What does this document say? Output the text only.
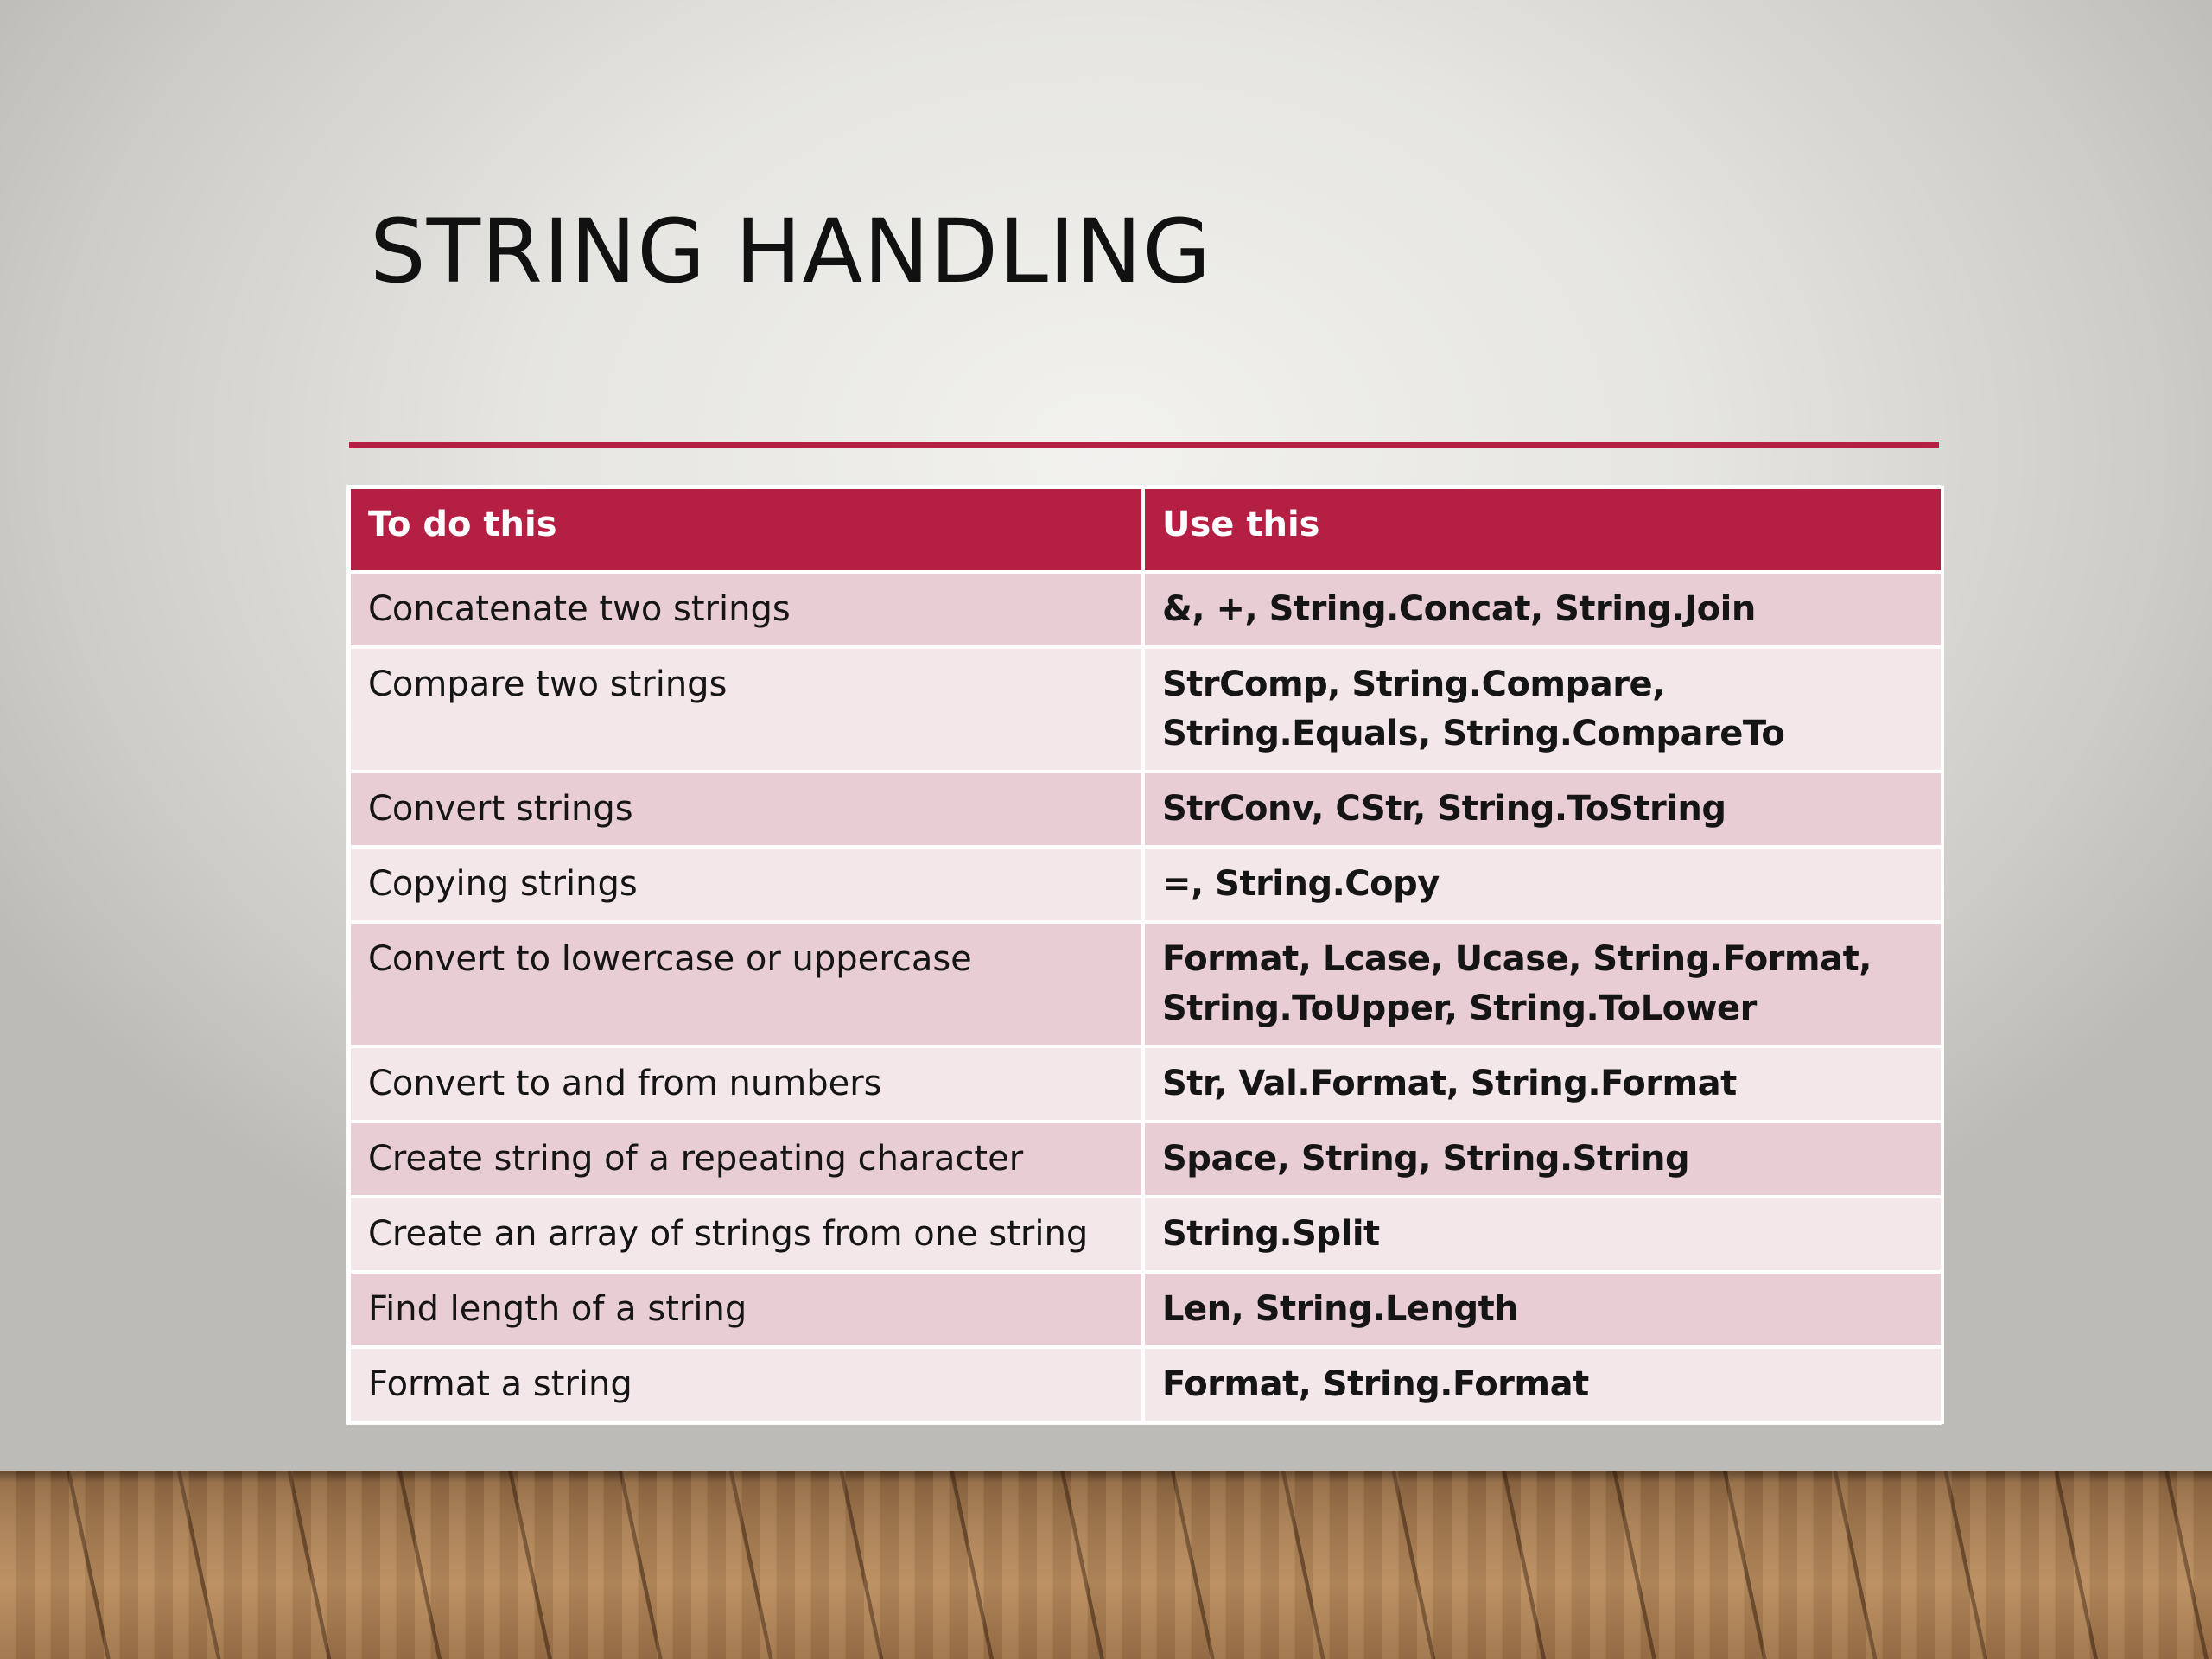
STRING HANDLING
To do this	Use this
Concatenate two strings	&, +, String.Concat, String.Join
Compare two strings	StrComp, String.Compare, String.Equals, String.CompareTo
Convert strings	StrConv, CStr, String.ToString
Copying strings	=, String.Copy
Convert to lowercase or uppercase	Format, Lcase, Ucase, String.Format, String.ToUpper, String.ToLower
Convert to and from numbers	Str, Val.Format, String.Format
Create string of a repeating character	Space, String, String.String
Create an array of strings from one string	String.Split
Find length of a string	Len, String.Length
Format a string	Format, String.Format
